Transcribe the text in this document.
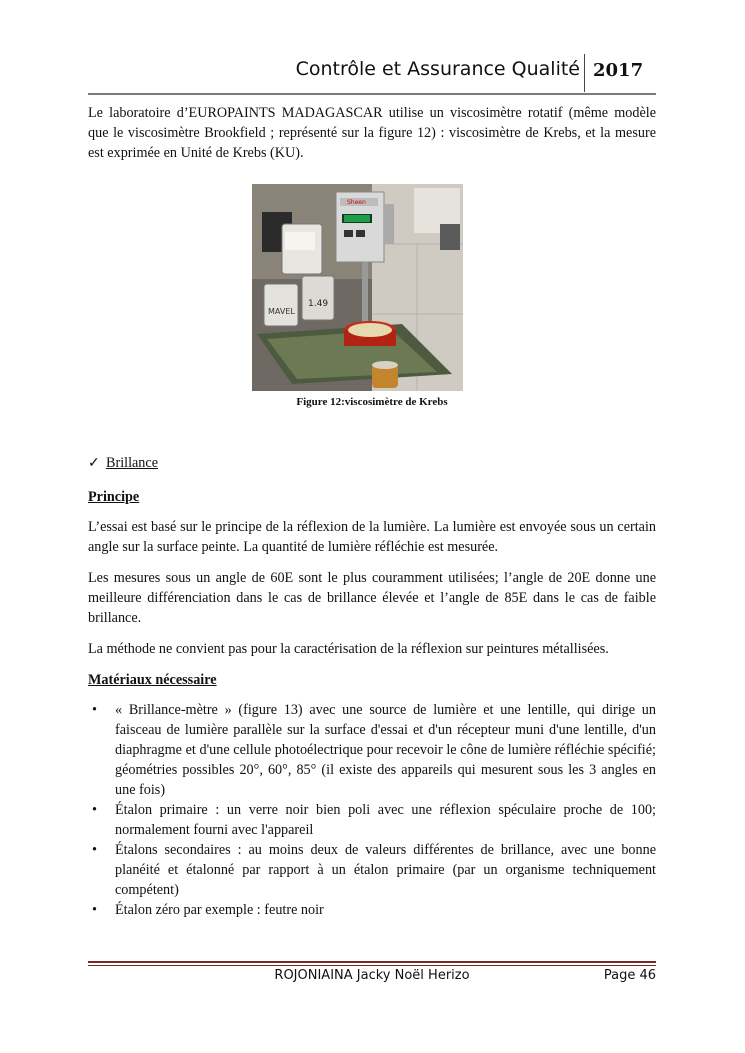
Contrôle et Assurance Qualité 2017

Le laboratoire d’EUROPAINTS MADAGASCAR utilise un viscosimètre rotatif (même modèle que le viscosimètre Brookfield ; représenté sur la figure 12) : viscosimètre de Krebs, et la mesure est exprimée en Unité de Krebs (KU).

1.49
MAVEL
Sheen
Figure 12:viscosimètre de Krebs
✓ Brillance

Principe

L’essai est basé sur le principe de la réflexion de la lumière. La lumière est envoyée sous un certain angle sur la surface peinte. La quantité de lumière réfléchie est mesurée.

Les mesures sous un angle de 60E sont le plus couramment utilisées; l’angle de 20E donne une meilleure différenciation dans le cas de brillance élevée et l’angle de 85E dans le cas de faible brillance.

La méthode ne convient pas pour la caractérisation de la réflexion sur peintures métallisées.

Matériaux nécessaire

• « Brillance-mètre » (figure 13) avec une source de lumière et une lentille, qui dirige un faisceau de lumière parallèle sur la surface d'essai et d'un récepteur muni d'une lentille, d'un diaphragme et d'une cellule photoélectrique pour recevoir le cône de lumière réfléchie spécifié; géométries possibles 20°, 60°, 85° (il existe des appareils qui mesurent sous les 3 angles en une fois)
• Étalon primaire : un verre noir bien poli avec une réflexion spéculaire proche de 100; normalement fourni avec l'appareil
• Étalons secondaires : au moins deux de valeurs différentes de brillance, avec une bonne planéité et étalonné par rapport à un étalon primaire (par un organisme techniquement compétent)
• Étalon zéro par exemple : feutre noir
ROJONIAINA Jacky Noël Herizo	Page 46
